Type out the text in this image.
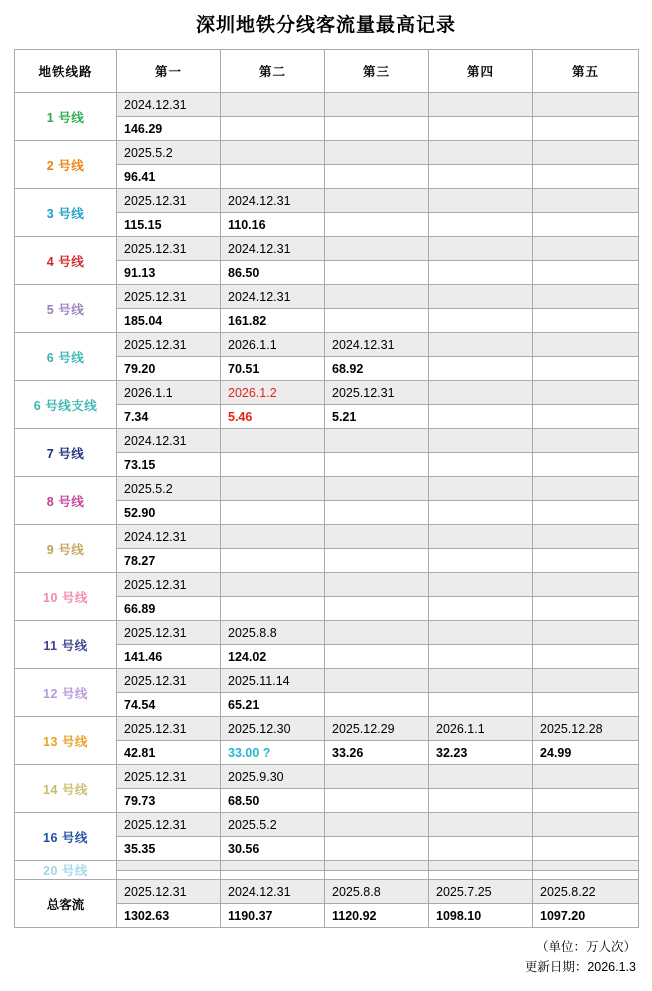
深圳地铁分线客流量最高记录
地铁线路	第一	第二	第三	第四	第五
1 号线	2024.12.31				
	146.29				
2 号线	2025.5.2				
	96.41				
3 号线	2025.12.31	2024.12.31			
	115.15	110.16			
4 号线	2025.12.31	2024.12.31			
	91.13	86.50			
5 号线	2025.12.31	2024.12.31			
	185.04	161.82			
6 号线	2025.12.31	2026.1.1	2024.12.31		
	79.20	70.51	68.92		
6 号线支线	2026.1.1	2026.1.2	2025.12.31		
	7.34	5.46	5.21		
7 号线	2024.12.31				
	73.15				
8 号线	2025.5.2				
	52.90				
9 号线	2024.12.31				
	78.27				
10 号线	2025.12.31				
	66.89				
11 号线	2025.12.31	2025.8.8			
	141.46	124.02			
12 号线	2025.12.31	2025.11.14			
	74.54	65.21			
13 号线	2025.12.31	2025.12.30	2025.12.29	2026.1.1	2025.12.28
	42.81	33.00 ?	33.26	32.23	24.99
14 号线	2025.12.31	2025.9.30			
	79.73	68.50			
16 号线	2025.12.31	2025.5.2			
	35.35	30.56			
20 号线					

总客流	2025.12.31	2024.12.31	2025.8.8	2025.7.25	2025.8.22
	1302.63	1190.37	1120.92	1098.10	1097.20
（单位：万人次）
更新日期：2026.1.3
